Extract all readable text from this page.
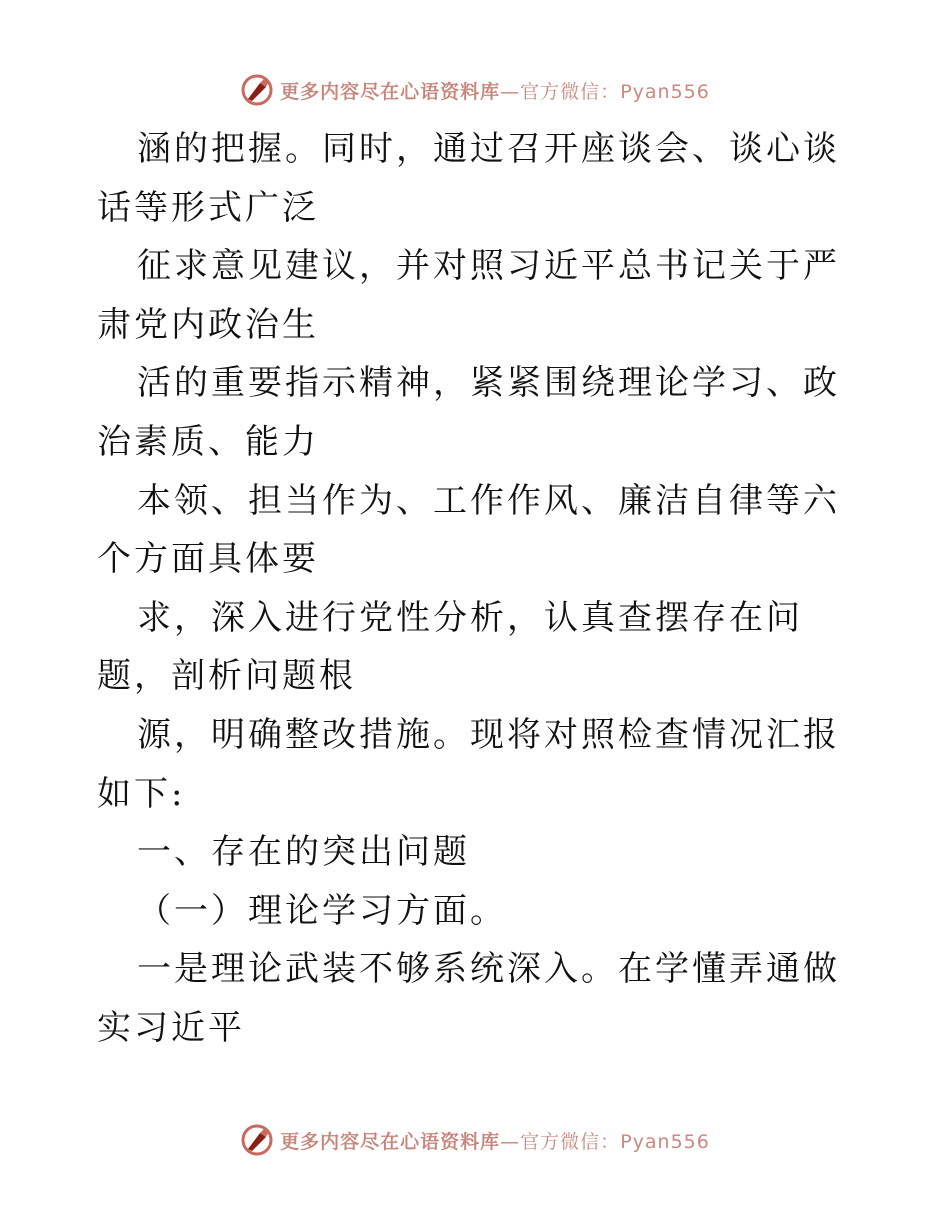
更多内容尽在心语资料库—官方微信：Pyan556

涵的把握。同时，通过召开座谈会、谈心谈话等形式广泛

征求意见建议，并对照习近平总书记关于严肃党内政治生

活的重要指示精神，紧紧围绕理论学习、政治素质、能力

本领、担当作为、工作作风、廉洁自律等六个方面具体要

求，深入进行党性分析，认真查摆存在问题，剖析问题根

源，明确整改措施。现将对照检查情况汇报如下:

一、存在的突出问题

（一）理论学习方面。

一是理论武装不够系统深入。在学懂弄通做实习近平

更多内容尽在心语资料库—官方微信：Pyan556
